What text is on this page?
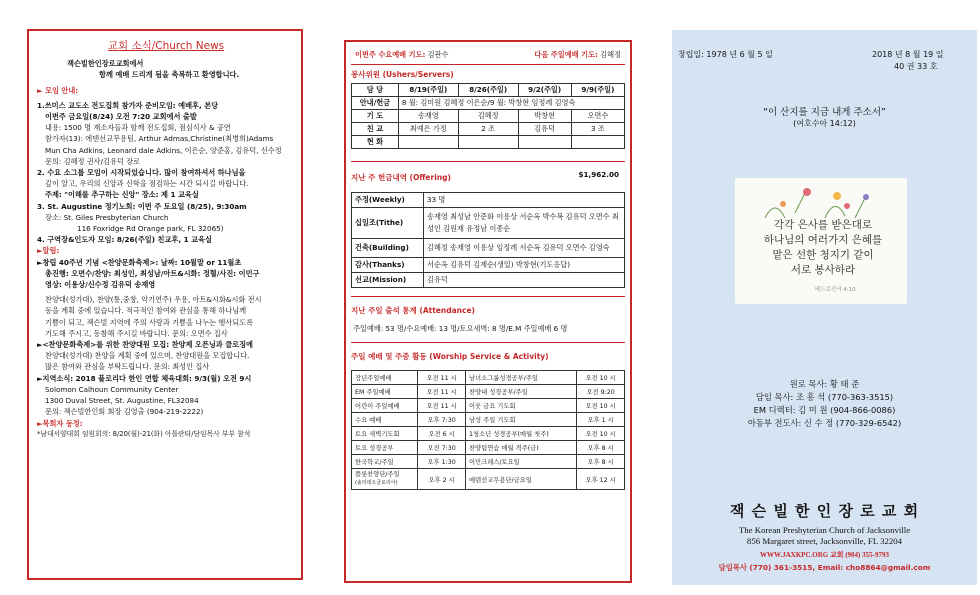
교회 소식/Church News

잭슨빌한인장로교회에서

함께 예배 드리게 됨을 축복하고 환영합니다.

► 모임 안내:

1.쓰미스 교도소 전도집회 참가자 준비모임: 예배후, 본당

이번주 금요일(8/24) 오전 7:20 교회에서 출발

내용: 1500 명 재소자들과 함께 전도집회, 점심식사 & 공연

참가자(13): 에덴선교무용팀, Arthur Admas,Christine(최병희)Adams

Mun Cha Adkins, Leonard dale Adkins, 이은순, 양준홍, 김유덕, 신수정

문의: 김혜정 권사/김유덕 장로

2. 수요 소그룹 모임이 시작되었습니다. 많이 참여하셔서 하나님을

깊이 알고, 우리의 신앙과 신학을 점검하는 시간 되시길 바랍니다.

주제: "이해를 추구하는 신앙" 장소: 제 1 교육실

3. St. Augustine 정기노회: 이번 주 토요일 (8/25), 9:30am

장소: St. Giles Presbyterian Church

116 Foxridge Rd Orange park, FL 32065)

4. 구역장&인도자 모임: 8/26(주일) 친교후, 1 교육실

►알림:

►창립 40주년 기념 <찬양문화축제>: 날짜: 10월말 or 11월초

총진행: 오면수/찬양: 최성인, 최성남/아트&시화: 정혈/사진: 이민구

영상: 이용상/신수정 김유덕 송재영

찬양대(성가대), 찬양(통,중창, 악기연주) 우용, 아트&시화&시화 전시

등을 계획 중에 있습니다. 적극적인 참여와 관심을 통해 하나님께

기쁨이 되고, 잭슨빌 지역에 주의 사랑과 기쁨을 나누는 행사되도록

기도해 주시고, 동참해 주시길 바랍니다. 문의: 오면수 집사

►<찬양문화축제>를 위한 찬양대원 모집: 찬양제 오픈닝과 클로징에

찬양대(성가대) 찬양을 계획 중에 있으며, 찬양대원을 모집합니다.

많은 참여와 관심을 부탁드립니다. 문의: 최성인 집사

►지역소식: 2018 플로리다 한인 연합 체육대회: 9/3(월) 오전 9시

Solomon Calhoun Community Center

1300 Duval Street, St. Augustine, FL32084

문의: 잭슨빌한인회 회장 김영출 (904-219-2222)

►목회자 동정:

*남대서양대회 임원회의: 8/20(월)-21(화) 아틀란타/담임목사 부부 참석

이번주 수요예배 기도: 김판수	다음 주일예배 기도: 김혜정
봉사위원 (Ushers/Servers)
담 당	8/19(주일)	8/26(주일)	9/2(주일)	9/9(주일)
안내/헌금	8 월: 김미원 김혜정 이은순/9 월: 박창현 임정례 김영숙			
기 도	송재영	김혜정	박창현	오면수
친 교	최예은 가정	2 조	김유덕	3 조
현 화				
지난 주 헌금내역 (Offering)	$1,962.00
주정(Weekly)	33 명
십일조(Tithe)	송재영 최성남 안준화 이용상 서순옥 박수복 김유덕 오면수 최성인 김원재 유정남 이종순
건축(Building)	김혜정 송재영 이용상 임정례 서순옥 김유덕 오면수 김영숙
감사(Thanks)	서순옥 김유덕 김재순(생일) 박창현(기도응답)
선교(Mission)	김유덕
지난 주일 출석 통계 (Attendance)

주일예배: 53 명/수요예배: 13 명/토요새벽: 8 명/E.M 주일예배 6 명

주일 예배 및 주중 활동 (Worship Service & Activity)
장년주일예배	오전 11 시	남녀소그룹성경공부/주일	오전 10 시
EM 주일예배	오전 11 시	찬양대 성경공부/주일	오전 9:20
어린이 주일예배	오전 11 시	이웃 금요 기도회	오전 10 시
수요 예배	오후 7:30	남성 주일 기도회	오후 1 시
토요 새벽기도회	오전 6 시	1청소년 성경공부(매월 첫주)	오전 10 시
토요 성경공부	오전 7:30	찬양팀연습 매월 격주(금)	오후 8 시
한국학교/주일	오후 1:30	이민크래스/토요일	오후 8 시

플룻찬양단/주일
(솔리데오클로리아)	오후 2 시	에덴선교무용단/금요일	오후 12 시
창립일: 1978 년 6 월 5 일	2018 년 8 월 19 일
40 권 33 호
“이 산지를 지금 내게 주소서”
(여호수아 14:12)
각각 은사를 받은대로
하나님의 여러가지 은혜를
맡은 선한 청지기 같이
서로 봉사하라
베드로전서 4:10
원로 목사: 황 태 준
담임 목사: 조 흥 석 (770-363-3515)
EM 디렉터: 김 미 원 (904-866-0086)
아동부 전도사: 신 수 정 (770-329-6542)
잭 슨 빌 한 인 장 로 교 회
The Korean Presbyterian Church of Jacksonville
856 Margaret street, Jacksonville, FL 32204
WWW.JAXKPC.ORG 교회 (904) 355-9793
담임목사 (770) 361-3515, Email: cho8864@gmail.com
